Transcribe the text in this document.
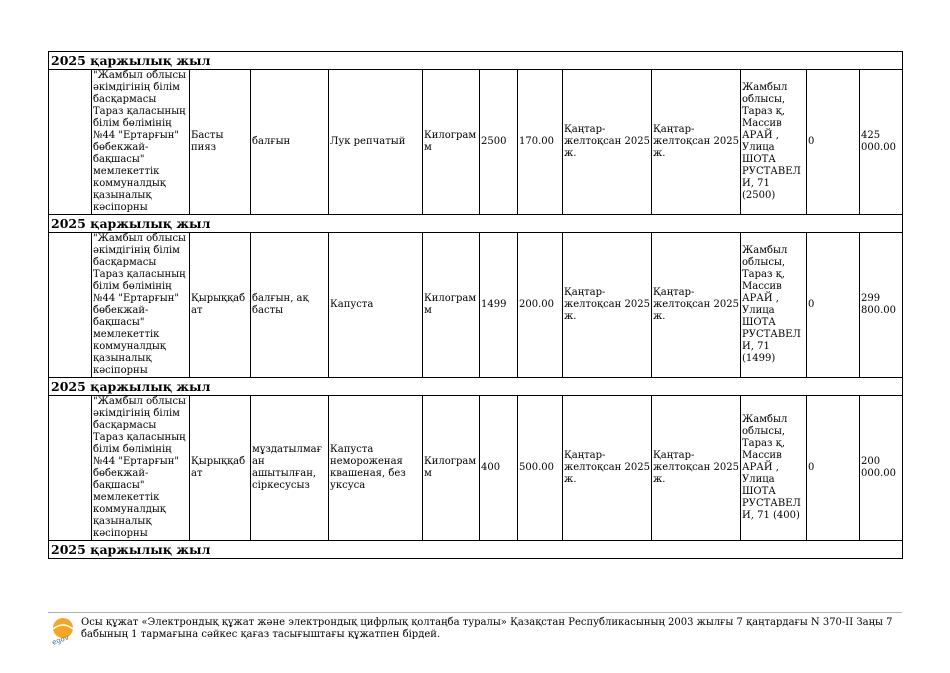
2025 қаржылық жыл												
	"Жамбыл облысы әкімдігінің білім басқармасы Тараз қаласының білім бөлімінің №44 "Ертарғын" бөбекжай-бақшасы" мемлекеттік коммуналдық қазыналық кәсіпорны	Басты пияз	балғын	Лук репчатый	Килограмм	2500	170.00	Қаңтар-желтоқсан 2025 ж.	Қаңтар-желтоқсан 2025 ж.	Жамбыл облысы, Тараз қ, Массив АРАЙ , Улица ШОТА РУСТАВЕЛИ, 71 (2500)	0	425 000.00
2025 қаржылық жыл												
	"Жамбыл облысы әкімдігінің білім басқармасы Тараз қаласының білім бөлімінің №44 "Ертарғын" бөбекжай-бақшасы" мемлекеттік коммуналдық қазыналық кәсіпорны	Қырыққабат	балғын, ақ басты	Капуста	Килограмм	1499	200.00	Қаңтар-желтоқсан 2025 ж.	Қаңтар-желтоқсан 2025 ж.	Жамбыл облысы, Тараз қ, Массив АРАЙ , Улица ШОТА РУСТАВЕЛИ, 71 (1499)	0	299 800.00
2025 қаржылық жыл												
	"Жамбыл облысы әкімдігінің білім басқармасы Тараз қаласының білім бөлімінің №44 "Ертарғын" бөбекжай-бақшасы" мемлекеттік коммуналдық қазыналық кәсіпорны	Қырыққабат	мұздатылмаған ашытылған, сіркесусыз	Капуста немороженая квашеная, без уксуса	Килограмм	400	500.00	Қаңтар-желтоқсан 2025 ж.	Қаңтар-желтоқсан 2025 ж.	Жамбыл облысы, Тараз қ, Массив АРАЙ , Улица ШОТА РУСТАВЕЛИ, 71 (400)	0	200 000.00
2025 қаржылық жыл												
egov
Осы құжат «Электрондық құжат және электрондық цифрлық қолтаңба туралы» Қазақстан Республикасының 2003 жылғы 7 қаңтардағы N 370-II Заңы 7 бабының 1 тармағына сәйкес қағаз тасығыштағы құжатпен бірдей.
